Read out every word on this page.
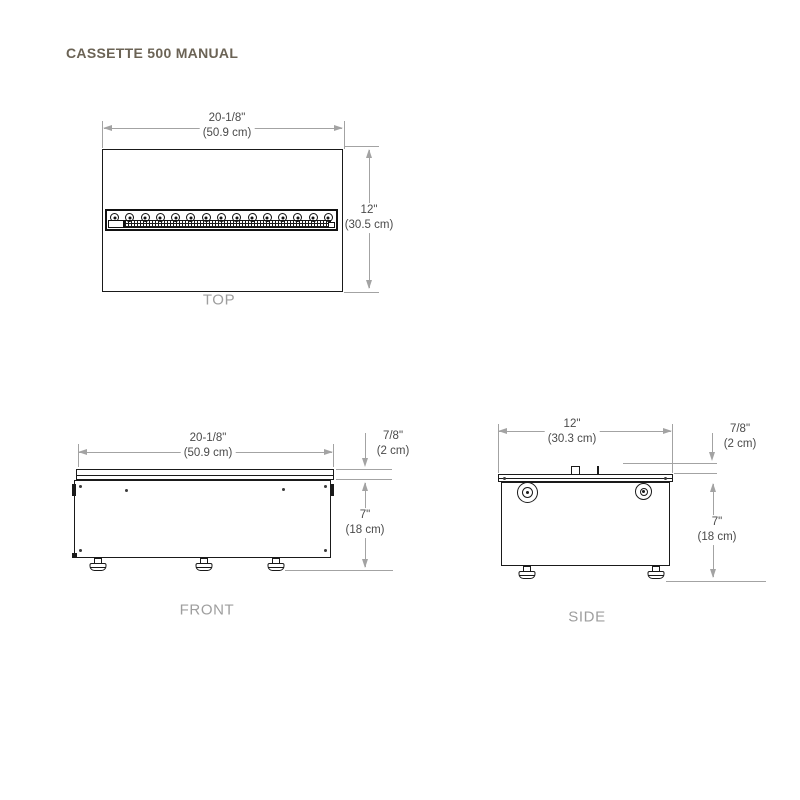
CASSETTE 500 MANUAL
20-1/8"
(50.9 cm)
12"
(30.5 cm)
TOP
20-1/8"
(50.9 cm)
7/8"
(2 cm)
7"
(18 cm)
FRONT
12"
(30.3 cm)
7/8"
(2 cm)
7"
(18 cm)
SIDE
